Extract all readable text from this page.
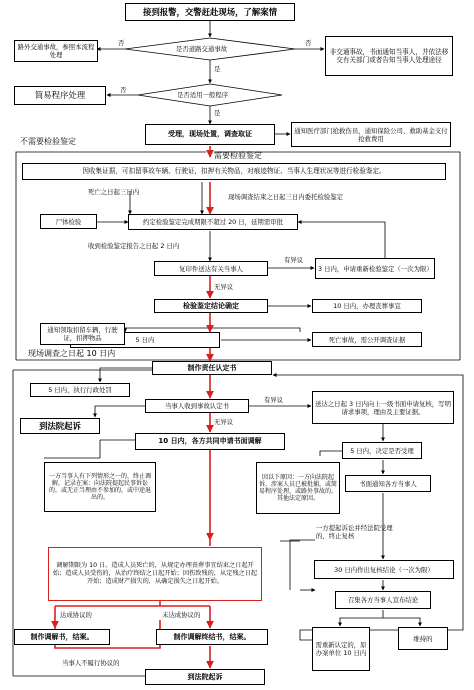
接到报警，交警赶赴现场，了解案情
是否道路交通事故
否	否
路外交通事故，参照本流程处理	非交通事故，书面通知当事人，并依法移交有关部门或者告知当事人处理途径
是
是否适用一般程序
否
简易程序处理
是
受理，现场处置，调查取证	通知医疗部门抢救伤员，通知保险公司、救助基金支付抢救费用
不需要检验鉴定
需要检验鉴定
因收集证据，可扣留事故车辆、行驶证，扣押有关物品，对痕迹物证、当事人生理状况等进行检验鉴定。
死亡之日起三日内
现场调查结束之日起三日内委托检验鉴定
尸体检验	约定检验鉴定完成期限不超过 20 日，延期需审批
收到检验鉴定报告之日起 2 日内
复印件送达有关当事人
有异议
3 日内，申请重新检验鉴定（一次为限）
无异议
检验鉴定结论确定	10 日内，办理丧葬事宜
5 日内
通知领取扣留车辆，行驶证，扣押物品	死亡事故，需公开调查证据
现场调查之日起 10 日内
制作责任认定书
5 日内，执行行政处罚
当事人收到事故认定书
有异议	送达之日起 3 日内向上一级书面申请复核，写明请求事项，理由及主要证据。
到法院起诉	无异议
10 日内，各方共同申请书面调解
5 日内，决定是否受理
一方当事人有下列情形之一的，终止调解，记录在案：向法院提起民事诉讼的，或无正当理由不参加的，或中途退出的。
因以下原因：一方向法院起诉，涉案人员已被批捕，或简易程序处理，或路外事故的。其他法定原因。
书面通知各方当事人
一方提起诉讼并经法院受理的，终止复核
调解期限为 10 日。造成人员死亡的，从规定办理丧葬事宜结束之日起开始；造成人员受伤的，从治疗终结之日起开始；因伤致残的，从定残之日起开始；造成财产损失的，从确定损失之日起开始。
30 日内作出复核结论（一次为限）
召集各方当事人宣布结论
达成协议的	未达成协议的
制作调解书，结案。	制作调解终结书，结案。
需重新认定的，原办案单位 10 日内
维持的
当事人不履行协议的
到法院起诉
